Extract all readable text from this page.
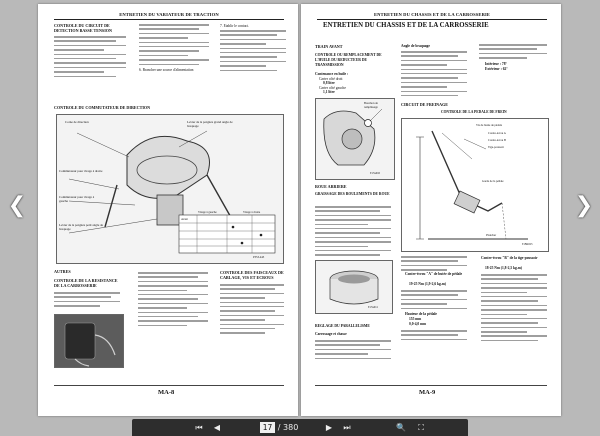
ENTRETIEN DU VARIATEUR DE TRACTION
CONTROLE DU CIRCUIT DE DETECTION BASSE TENSION
6. Brancher une source d'alimentation
7. Etablir le contact.
CONTROLE DU COMMUTATEUR DE DIRECTION
Corne de direction	Levier de la poignée grand angle de braquage
Commutateur pour virage à droite
Commutateur pour virage à gauche
Levier de la poignée petit angle de braquage
Avant
Virage à gauche	Virage à droite
P353-443
AUTRES
CONTROLE DE LA RESISTANCE DE LA CARROSSERIE
CONTROLE DES FAISCEAUX DE CABLAGE, VIS ET ECROUS
MA-8
ENTRETIEN DU CHASSIS ET DE LA CARROSSERIE
ENTRETIEN DU CHASSIS ET DE LA CARROSSERIE
TRAIN AVANT
CONTROLE OU REMPLACEMENT DE L'HUILE DU REDUCTEUR DE TRANSMISSION
Contenance en huile :
Carter côté droit
0,8 litre
Carter côté gauche
1,1 litre
Bouchon de remplissage
F-FA010
ROUE ARRIERE
GRAISSAGE DES ROULEMENTS DE ROUE
F-FA011
REGLAGE DU PARALLELISME
Carrossage et chasse
Angle de braquage
Intérieur : 78°
Extérieur : 62°
CIRCUIT DE FREINAGE
CONTROLE DE LA PEDALE DE FREIN
Vis de butée de pédale
Contre-écrou A
Contre-écrou B
Tige-poussoir
Garde de la pédale
Plancher
F-BR023
Contre-écrou "A" de butée de pédale
19-25 Nm (1,9-2,6 kg.m)
Hauteur de la pédale
155 mm
0,0-4,0 mm
Contre-écrou "B" de la tige-poussoir
18-25 Nm (1,8-2,5 kg.m)
MA-9
❮	❯
⏮	◀	17 / 380	▶	⏭	🔍	⛶
